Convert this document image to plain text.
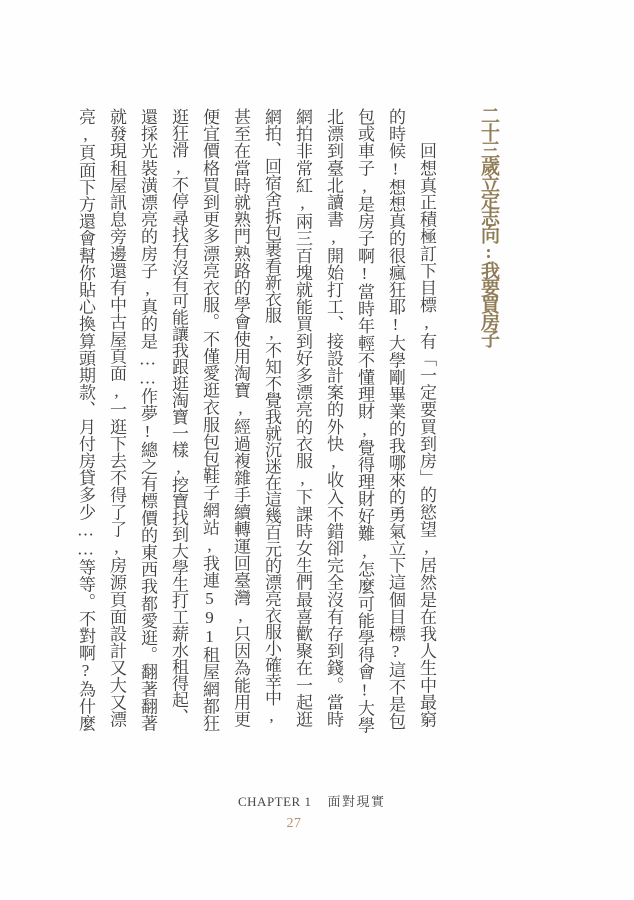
二十三歲立定志向:我要買房子
　　回想真正積極訂下目標,有「一定要買到房」的慾望,居然是在我人生中最窮
的時候!想想真的很瘋狂耶!大學剛畢業的我哪來的勇氣立下這個目標?這不是包
包或車子,是房子啊!當時年輕不懂理財,覺得理財好難,怎麼可能學得會!大學
北漂到臺北讀書,開始打工、接設計案的外快,收入不錯卻完全沒有存到錢。當時
網拍非常紅,兩三百塊就能買到好多漂亮的衣服,下課時女生們最喜歡聚在一起逛
網拍、回宿舍拆包裹看新衣服,不知不覺我就沉迷在這幾百元的漂亮衣服小確幸中,
甚至在當時就熟門熟路的學會使用淘寶,經過複雜手續轉運回臺灣,只因為能用更
便宜價格買到更多漂亮衣服。不僅愛逛衣服包包鞋子網站,我連591租屋網都狂
逛狂滑,不停尋找有沒有可能讓我跟逛淘寶一樣,挖寶找到大學生打工薪水租得起、
還採光裝潢漂亮的房子,真的是……作夢!總之有標價的東西我都愛逛。翻著翻著
就發現租屋訊息旁邊還有中古屋頁面,一逛下去不得了了,房源頁面設計又大又漂
亮,頁面下方還會幫你貼心換算頭期款、月付房貸多少……等等。不對啊?為什麼
CHAPTER 1 面對現實
27
